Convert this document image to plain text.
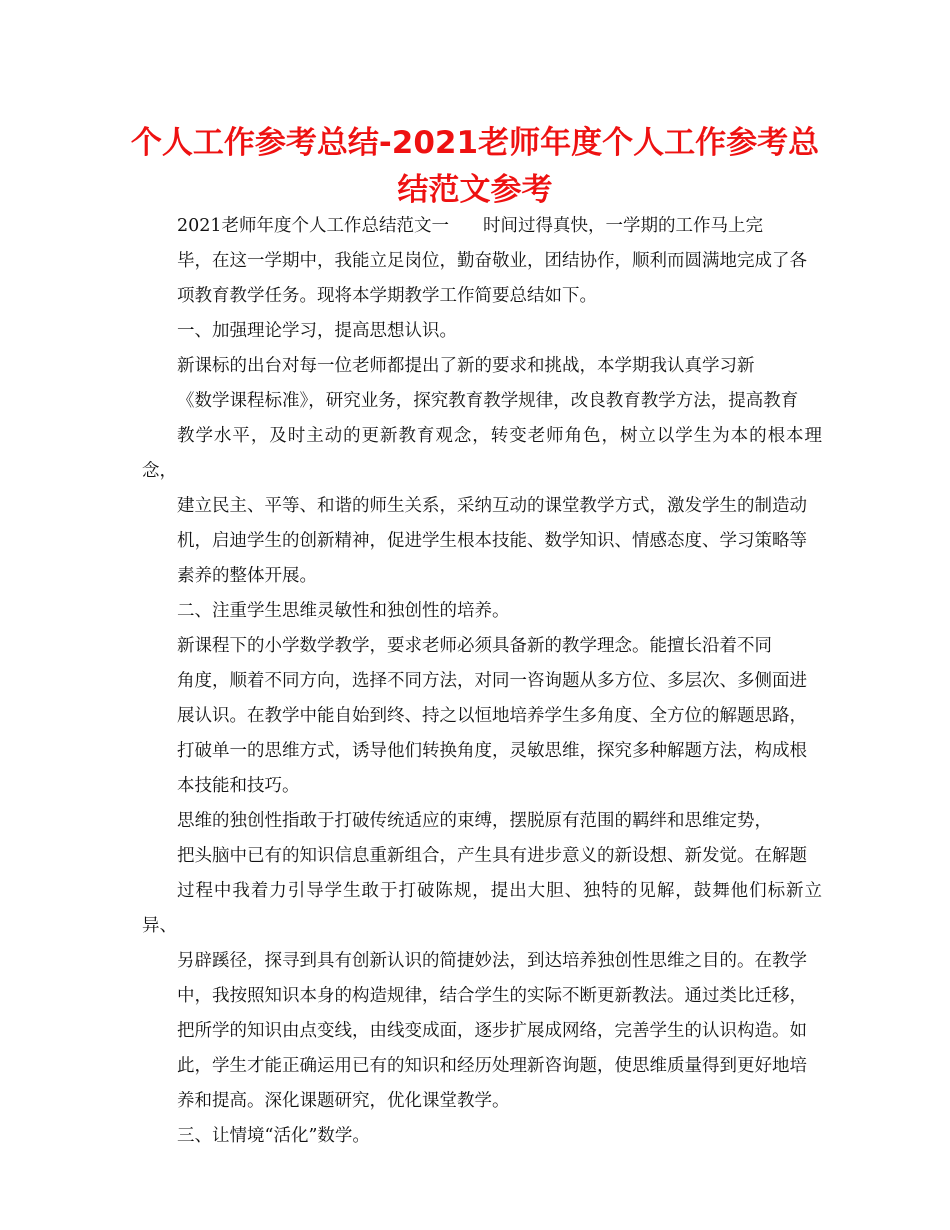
个人工作参考总结-2021老师年度个人工作参考总结范文参考

2021老师年度个人工作总结范文一 时间过得真快，一学期的工作马上完
毕，在这一学期中，我能立足岗位，勤奋敬业，团结协作，顺利而圆满地完成了各
项教育教学任务。现将本学期教学工作简要总结如下。

一、加强理论学习，提高思想认识。

新课标的出台对每一位老师都提出了新的要求和挑战，本学期我认真学习新
《数学课程标准》，研究业务，探究教育教学规律，改良教育教学方法，提高教育
教学水平，及时主动的更新教育观念，转变老师角色，树立以学生为本的根本理念，
建立民主、平等、和谐的师生关系，采纳互动的课堂教学方式，激发学生的制造动
机，启迪学生的创新精神，促进学生根本技能、数学知识、情感态度、学习策略等
素养的整体开展。

二、注重学生思维灵敏性和独创性的培养。

新课程下的小学数学教学，要求老师必须具备新的教学理念。能擅长沿着不同
角度，顺着不同方向，选择不同方法，对同一咨询题从多方位、多层次、多侧面进
展认识。在教学中能自始到终、持之以恒地培养学生多角度、全方位的解题思路，
打破单一的思维方式，诱导他们转换角度，灵敏思维，探究多种解题方法，构成根
本技能和技巧。

思维的独创性指敢于打破传统适应的束缚，摆脱原有范围的羁绊和思维定势，
把头脑中已有的知识信息重新组合，产生具有进步意义的新设想、新发觉。在解题
过程中我着力引导学生敢于打破陈规，提出大胆、独特的见解，鼓舞他们标新立异、
另辟蹊径，探寻到具有创新认识的简捷妙法，到达培养独创性思维之目的。在教学
中，我按照知识本身的构造规律，结合学生的实际不断更新教法。通过类比迁移，
把所学的知识由点变线，由线变成面，逐步扩展成网络，完善学生的认识构造。如
此，学生才能正确运用已有的知识和经历处理新咨询题，使思维质量得到更好地培
养和提高。深化课题研究，优化课堂教学。

三、让情境“活化”数学。
